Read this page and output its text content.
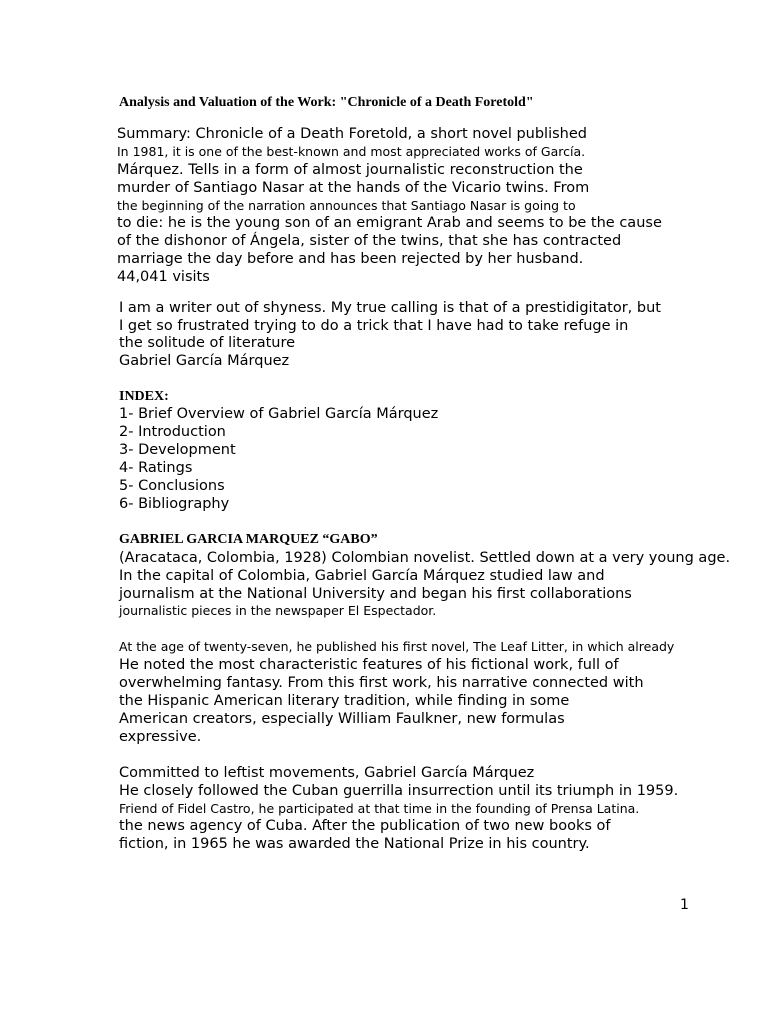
Analysis and Valuation of the Work: "Chronicle of a Death Foretold"
Summary: Chronicle of a Death Foretold, a short novel published
In 1981, it is one of the best-known and most appreciated works of García.
Márquez. Tells in a form of almost journalistic reconstruction the
murder of Santiago Nasar at the hands of the Vicario twins. From
the beginning of the narration announces that Santiago Nasar is going to
to die: he is the young son of an emigrant Arab and seems to be the cause
of the dishonor of Ángela, sister of the twins, that she has contracted
marriage the day before and has been rejected by her husband.
44,041 visits
I am a writer out of shyness. My true calling is that of a prestidigitator, but
I get so frustrated trying to do a trick that I have had to take refuge in
the solitude of literature
Gabriel García Márquez
INDEX:
1- Brief Overview of Gabriel García Márquez
2- Introduction
3- Development
4- Ratings
5- Conclusions
6- Bibliography
GABRIEL GARCIA MARQUEZ “GABO”
(Aracataca, Colombia, 1928) Colombian novelist. Settled down at a very young age.
In the capital of Colombia, Gabriel García Márquez studied law and
journalism at the National University and began his first collaborations
journalistic pieces in the newspaper El Espectador.
At the age of twenty-seven, he published his first novel, The Leaf Litter, in which already
He noted the most characteristic features of his fictional work, full of
overwhelming fantasy. From this first work, his narrative connected with
the Hispanic American literary tradition, while finding in some
American creators, especially William Faulkner, new formulas
expressive.
Committed to leftist movements, Gabriel García Márquez
He closely followed the Cuban guerrilla insurrection until its triumph in 1959.
Friend of Fidel Castro, he participated at that time in the founding of Prensa Latina.
the news agency of Cuba. After the publication of two new books of
fiction, in 1965 he was awarded the National Prize in his country.
1
